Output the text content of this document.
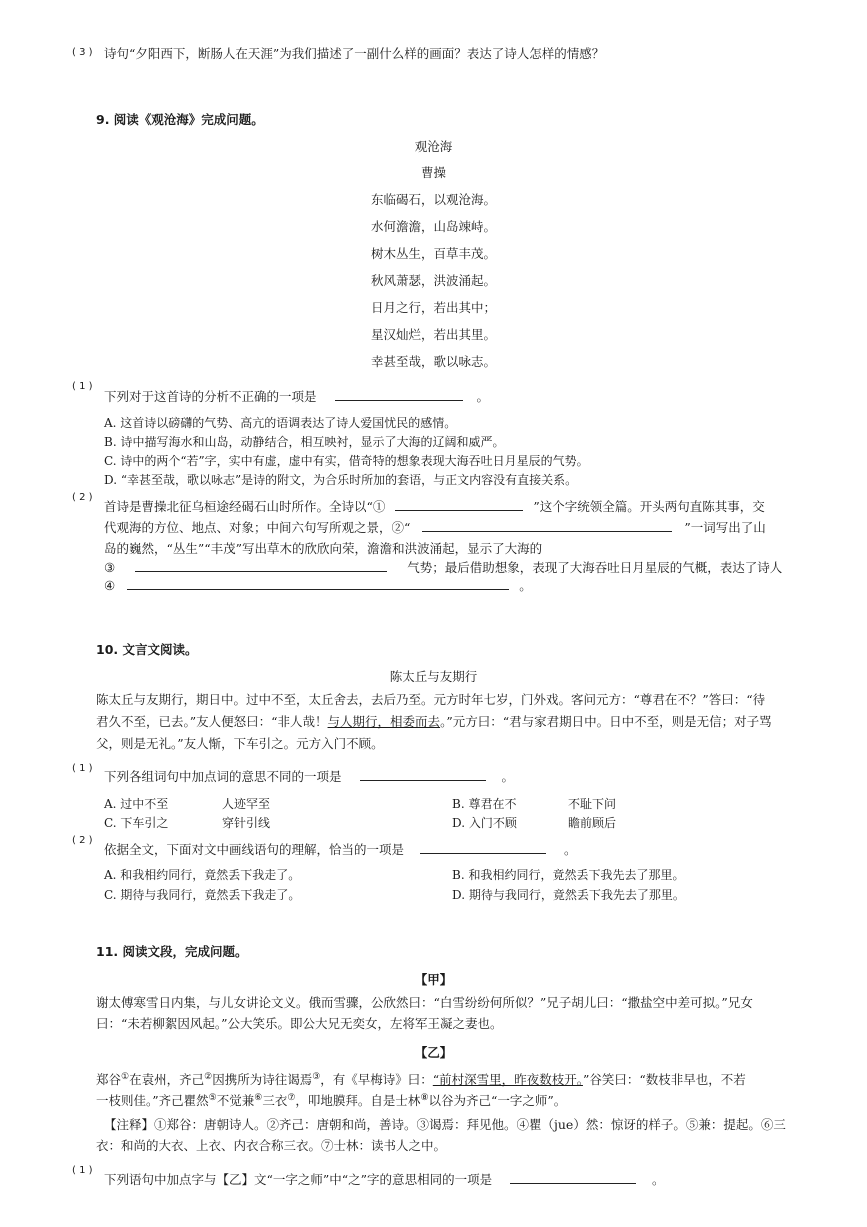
( 3 ) 诗句“夕阳西下，断肠人在天涯”为我们描述了一副什么样的画面？表达了诗人怎样的情感？
9. 阅读《观沧海》完成问题。
观沧海
曹操
东临碣石，以观沧海。
水何澹澹，山岛竦峙。
树木丛生，百草丰茂。
秋风萧瑟，洪波涌起。
日月之行，若出其中；
星汉灿烂，若出其里。
幸甚至哉，歌以咏志。
( 1 )
下列对于这首诗的分析不正确的一项是	。
A. 这首诗以磅礴的气势、高亢的语调表达了诗人爱国忧民的感情。
B. 诗中描写海水和山岛，动静结合，相互映衬，显示了大海的辽阔和威严。
C. 诗中的两个“若”字，实中有虚，虚中有实，借奇特的想象表现大海吞吐日月星辰的气势。
D. “幸甚至哉，歌以咏志”是诗的附文，为合乐时所加的套语，与正文内容没有直接关系。
( 2 )
首诗是曹操北征乌桓途经碣石山时所作。全诗以“①	”这个字统领全篇。开头两句直陈其事，交
代观海的方位、地点、对象；中间六句写所观之景，②“	”一词写出了山
岛的巍然，“丛生”“丰茂”写出草木的欣欣向荣，澹澹和洪波涌起，显示了大海的
③	气势；最后借助想象，表现了大海吞吐日月星辰的气概，表达了诗人
④	。
10. 文言文阅读。
陈太丘与友期行
陈太丘与友期行，期日中。过中不至，太丘舍去，去后乃至。元方时年七岁，门外戏。客问元方：“尊君在不？”答曰：“待
君久不至，已去。”友人便怒曰：“非人哉！与人期行，相委而去。”元方曰：“君与家君期日中。日中不至，则是无信；对子骂
父，则是无礼。”友人惭，下车引之。元方入门不顾。
( 1 )
下列各组词句中加点词的意思不同的一项是	。
A. 过中不至	人迹罕至	B. 尊君在不	不耻下问
C. 下车引之	穿针引线	D. 入门不顾	瞻前顾后
( 2 )
依据全文，下面对文中画线语句的理解，恰当的一项是	。
A. 和我相约同行，竟然丢下我走了。	B. 和我相约同行，竟然丢下我先去了那里。
C. 期待与我同行，竟然丢下我走了。	D. 期待与我同行，竟然丢下我先去了那里。
11. 阅读文段，完成问题。
【甲】
谢太傅寒雪日内集，与儿女讲论文义。俄而雪骤，公欣然曰：“白雪纷纷何所似？”兄子胡儿曰：“撒盐空中差可拟。”兄女
曰：“未若柳絮因风起。”公大笑乐。即公大兄无奕女，左将军王凝之妻也。
【乙】
郑谷①在袁州，齐己②因携所为诗往谒焉③，有《早梅诗》曰：“前村深雪里，昨夜数枝开。”谷笑曰：“数枝非早也，不若
一枝则佳。”齐己瞿然⑤不觉兼⑥三衣⑦，叩地膜拜。自是士林⑧以谷为齐己“一字之师”。
【注释】①郑谷：唐朝诗人。②齐己：唐朝和尚，善诗。③谒焉：拜见他。④瞿（jue）然：惊讶的样子。⑤兼：提起。⑥三
衣：和尚的大衣、上衣、内衣合称三衣。⑦士林：读书人之中。
( 1 )
下列语句中加点字与【乙】文“一字之师”中“之”字的意思相同的一项是	。
